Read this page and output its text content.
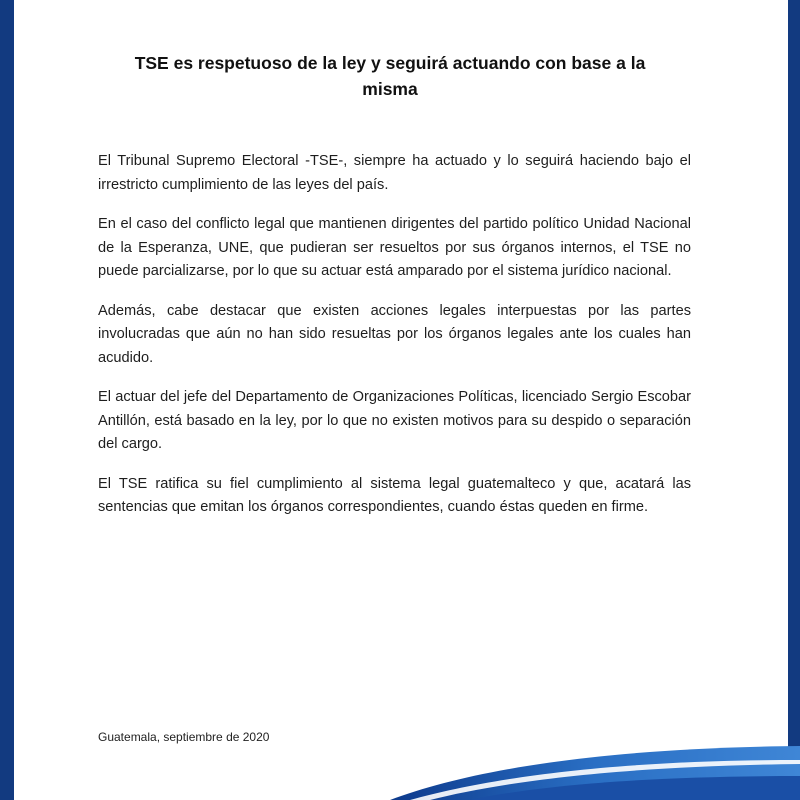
TSE es respetuoso de la ley y seguirá actuando con base a la misma

El Tribunal Supremo Electoral -TSE-, siempre ha actuado y lo seguirá haciendo bajo el irrestricto cumplimiento de las leyes del país.

En el caso del conflicto legal que mantienen dirigentes del partido político Unidad Nacional de la Esperanza, UNE, que pudieran ser resueltos por sus órganos internos, el TSE no puede parcializarse, por lo que su actuar está amparado por el sistema jurídico nacional.

Además, cabe destacar que existen acciones legales interpuestas por las partes involucradas que aún no han sido resueltas por los órganos legales ante los cuales han acudido.

El actuar del jefe del Departamento de Organizaciones Políticas, licenciado Sergio Escobar Antillón, está basado en la ley, por lo que no existen motivos para su despido o separación del cargo.

El TSE ratifica su fiel cumplimiento al sistema legal guatemalteco y que, acatará las sentencias que emitan los órganos correspondientes, cuando éstas queden en firme.

Guatemala, septiembre de 2020
